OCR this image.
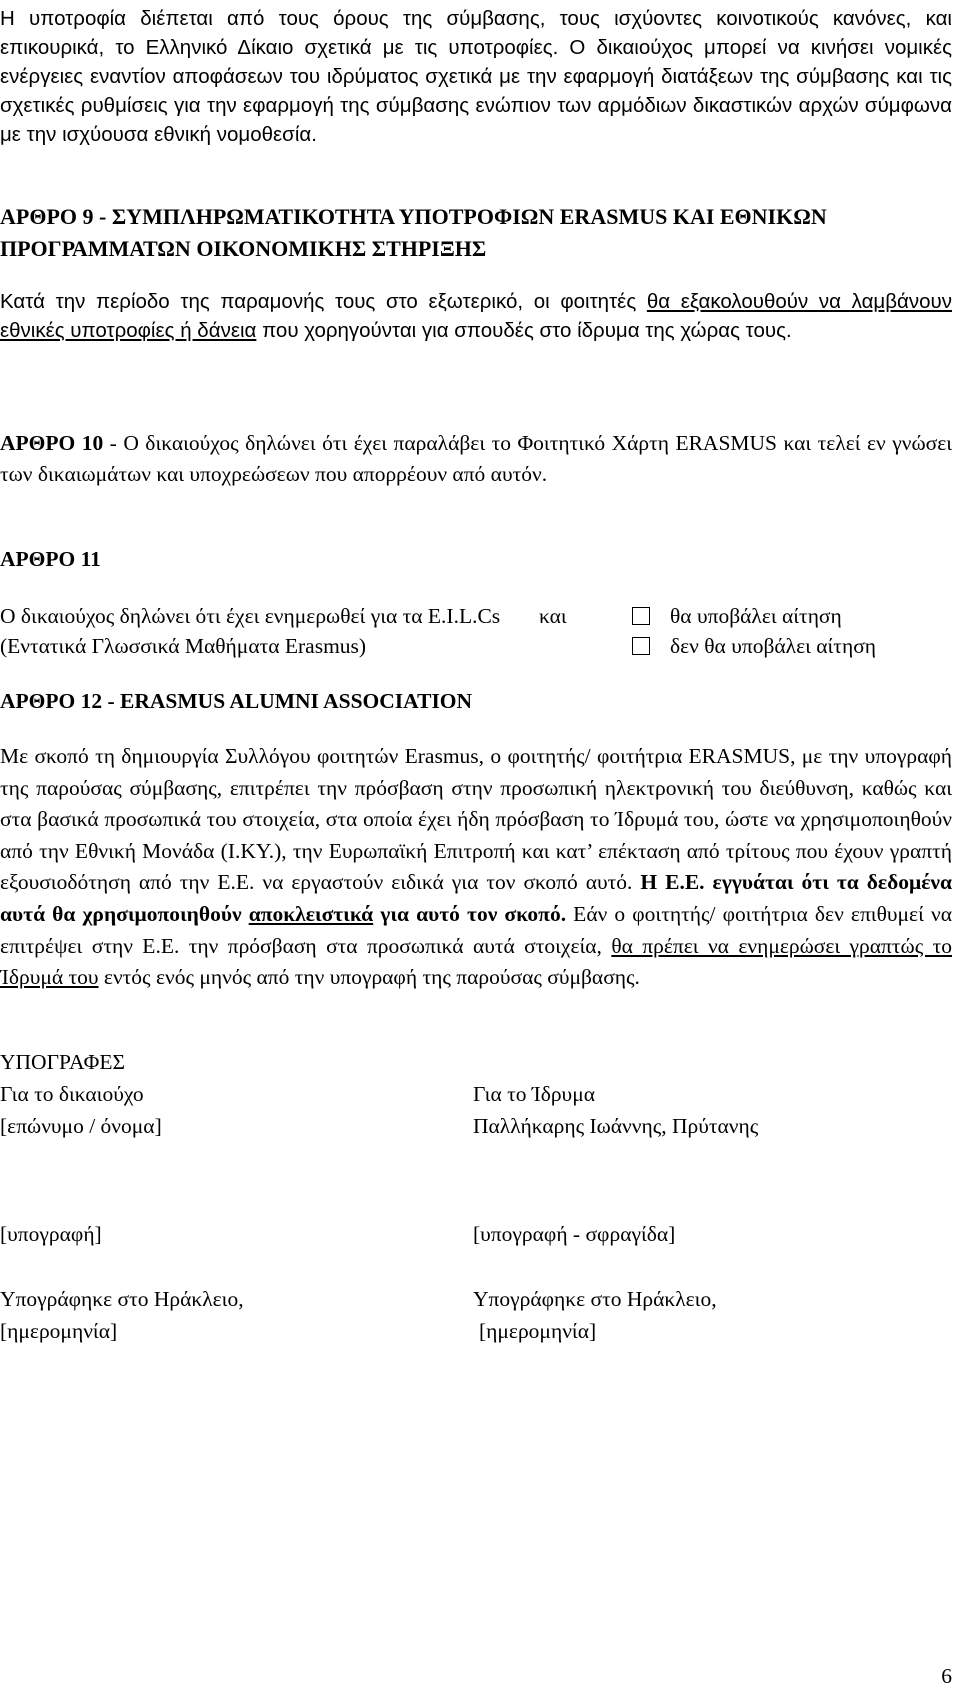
Η υποτροφία διέπεται από τους όρους της σύμβασης, τους ισχύοντες κοινοτικούς κανόνες, και επικουρικά, το Ελληνικό Δίκαιο σχετικά με τις υποτροφίες. Ο δικαιούχος μπορεί να κινήσει νομικές ενέργειες εναντίον αποφάσεων του ιδρύματος σχετικά με την εφαρμογή διατάξεων της σύμβασης και τις σχετικές ρυθμίσεις για την εφαρμογή της σύμβασης ενώπιον των αρμόδιων δικαστικών αρχών σύμφωνα με την ισχύουσα εθνική νομοθεσία.

ΑΡΘΡΟ 9 - ΣΥΜΠΛΗΡΩΜΑΤΙΚΟΤΗΤΑ ΥΠΟΤΡΟΦΙΩΝ ERASMUS ΚΑΙ ΕΘΝΙΚΩΝ ΠΡΟΓΡΑΜΜΑΤΩΝ ΟΙΚΟΝΟΜΙΚΗΣ ΣΤΗΡΙΞΗΣ

Κατά την περίοδο της παραμονής τους στο εξωτερικό, οι φοιτητές θα εξακολουθούν να λαμβάνουν εθνικές υποτροφίες ή δάνεια που χορηγούνται για σπουδές στο ίδρυμα της χώρας τους.

ΑΡΘΡΟ 10 - Ο δικαιούχος δηλώνει ότι έχει παραλάβει το Φοιτητικό Χάρτη ERASMUS και τελεί εν γνώσει των δικαιωμάτων και υποχρεώσεων που απορρέουν από αυτόν.

ΑΡΘΡΟ 11

Ο δικαιούχος δηλώνει ότι έχει ενημερωθεί για τα E.I.L.Cs και

(Εντατικά Γλωσσικά Μαθήματα Erasmus)

θα υποβάλει αίτηση

δεν θα υποβάλει αίτηση

ΑΡΘΡΟ 12 - ERASMUS ALUMNI ASSOCIATION

Με σκοπό τη δημιουργία Συλλόγου φοιτητών Erasmus, ο φοιτητής/ φοιτήτρια ERASMUS, με την υπογραφή της παρούσας σύμβασης, επιτρέπει την πρόσβαση στην προσωπική ηλεκτρονική του διεύθυνση, καθώς και στα βασικά προσωπικά του στοιχεία, στα οποία έχει ήδη πρόσβαση το Ίδρυμά του, ώστε να χρησιμοποιηθούν από την Εθνική Μονάδα (Ι.ΚΥ.), την Ευρωπαϊκή Επιτροπή και κατ’ επέκταση από τρίτους που έχουν γραπτή εξουσιοδότηση από την Ε.Ε. να εργαστούν ειδικά για τον σκοπό αυτό. Η Ε.Ε. εγγυάται ότι τα δεδομένα αυτά θα χρησιμοποιηθούν αποκλειστικά για αυτό τον σκοπό. Εάν ο φοιτητής/ φοιτήτρια δεν επιθυμεί να επιτρέψει στην Ε.Ε. την πρόσβαση στα προσωπικά αυτά στοιχεία, θα πρέπει να ενημερώσει γραπτώς το Ίδρυμά του εντός ενός μηνός από την υπογραφή της παρούσας σύμβασης.

ΥΠΟΓΡΑΦΕΣ

Για το δικαιούχο

[επώνυμο / όνομα]

Για το Ίδρυμα

Παλλήκαρης Ιωάννης, Πρύτανης

[υπογραφή]	[υπογραφή - σφραγίδα]

Υπογράφηκε στο Ηράκλειο,

[ημερομηνία]

Υπογράφηκε στο Ηράκλειο,

[ημερομηνία]

6
